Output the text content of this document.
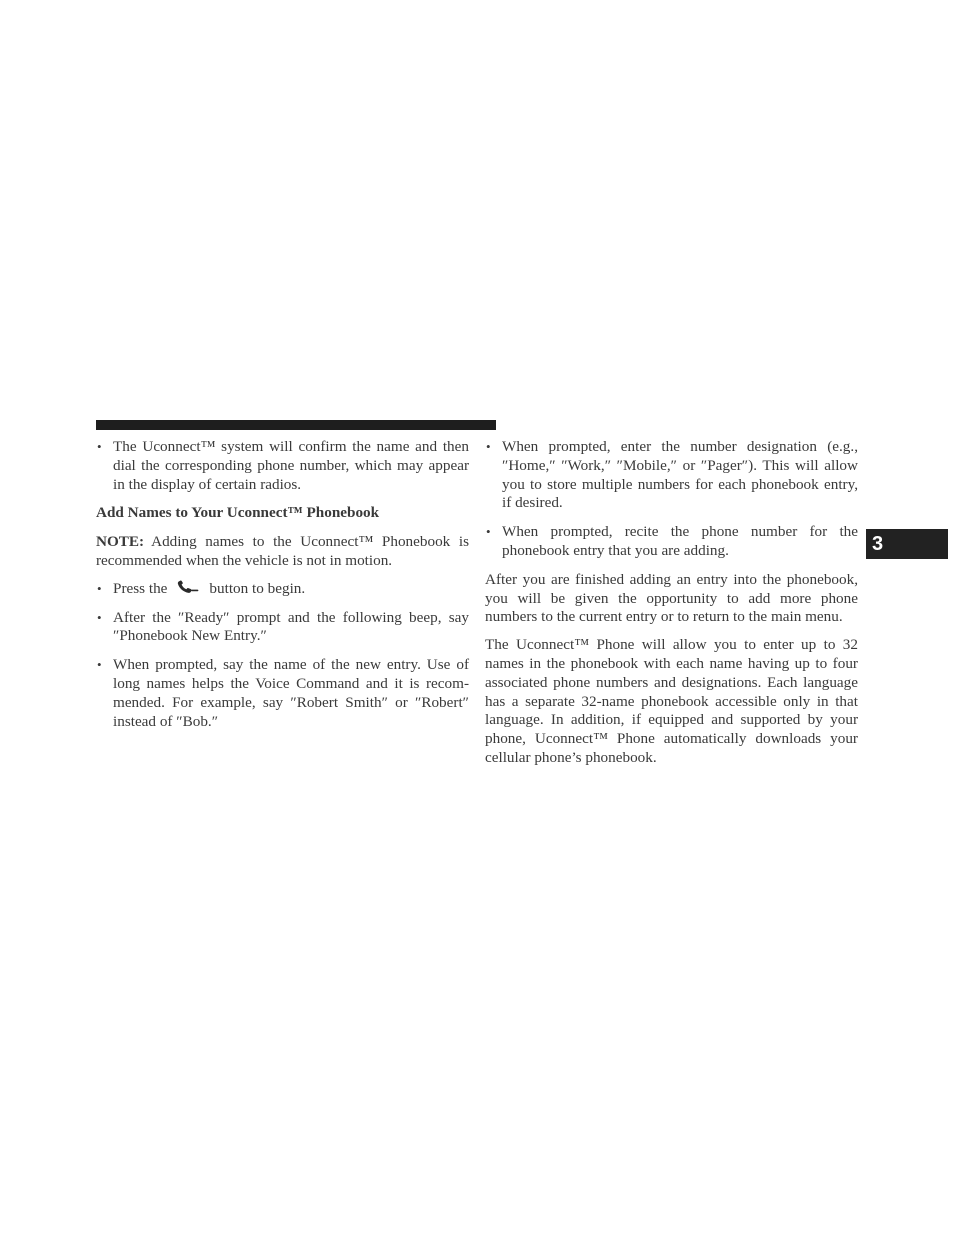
• The Uconnect™ system will confirm the name and then dial the corresponding phone number, which may appear in the display of certain radios.
Add Names to Your Uconnect™ Phonebook
NOTE: Adding names to the Uconnect™ Phonebook is recommended when the vehicle is not in motion.
• Press the	button to begin.
• After the ″Ready″ prompt and the following beep, say ″Phonebook New Entry.″
• When prompted, say the name of the new entry. Use of long names helps the Voice Command and it is recommended. For example, say ″Robert Smith″ or ″Robert″ instead of ″Bob.″
• When prompted, enter the number designation (e.g., ″Home,″ ″Work,″ ″Mobile,″ or ″Pager″). This will allow you to store multiple numbers for each phonebook entry, if desired.
• When prompted, recite the phone number for the phonebook entry that you are adding.

After you are finished adding an entry into the phonebook, you will be given the opportunity to add more phone numbers to the current entry or to return to the main menu.

The Uconnect™ Phone will allow you to enter up to 32 names in the phonebook with each name having up to four associated phone numbers and designations. Each language has a separate 32-name phonebook accessible only in that language. In addition, if equipped and supported by your phone, Uconnect™ Phone automatically downloads your cellular phone’s phonebook.

3
